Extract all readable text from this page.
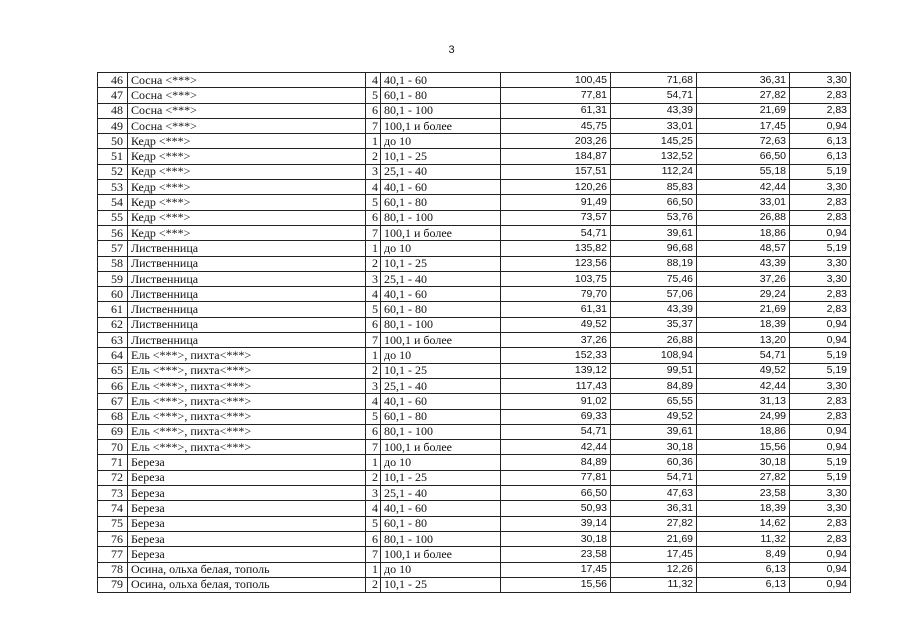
3
46	Сосна <***>	4	40,1 - 60	100,45	71,68	36,31	3,30
47	Сосна <***>	5	60,1 - 80	77,81	54,71	27,82	2,83
48	Сосна <***>	6	80,1 - 100	61,31	43,39	21,69	2,83
49	Сосна <***>	7	100,1 и более	45,75	33,01	17,45	0,94
50	Кедр <***>	1	до 10	203,26	145,25	72,63	6,13
51	Кедр <***>	2	10,1 - 25	184,87	132,52	66,50	6,13
52	Кедр <***>	3	25,1 - 40	157,51	112,24	55,18	5,19
53	Кедр <***>	4	40,1 - 60	120,26	85,83	42,44	3,30
54	Кедр <***>	5	60,1 - 80	91,49	66,50	33,01	2,83
55	Кедр <***>	6	80,1 - 100	73,57	53,76	26,88	2,83
56	Кедр <***>	7	100,1 и более	54,71	39,61	18,86	0,94
57	Лиственница	1	до 10	135,82	96,68	48,57	5,19
58	Лиственница	2	10,1 - 25	123,56	88,19	43,39	3,30
59	Лиственница	3	25,1 - 40	103,75	75,46	37,26	3,30
60	Лиственница	4	40,1 - 60	79,70	57,06	29,24	2,83
61	Лиственница	5	60,1 - 80	61,31	43,39	21,69	2,83
62	Лиственница	6	80,1 - 100	49,52	35,37	18,39	0,94
63	Лиственница	7	100,1 и более	37,26	26,88	13,20	0,94
64	Ель <***>, пихта<***>	1	до 10	152,33	108,94	54,71	5,19
65	Ель <***>, пихта<***>	2	10,1 - 25	139,12	99,51	49,52	5,19
66	Ель <***>, пихта<***>	3	25,1 - 40	117,43	84,89	42,44	3,30
67	Ель <***>, пихта<***>	4	40,1 - 60	91,02	65,55	31,13	2,83
68	Ель <***>, пихта<***>	5	60,1 - 80	69,33	49,52	24,99	2,83
69	Ель <***>, пихта<***>	6	80,1 - 100	54,71	39,61	18,86	0,94
70	Ель <***>, пихта<***>	7	100,1 и более	42,44	30,18	15,56	0,94
71	Береза	1	до 10	84,89	60,36	30,18	5,19
72	Береза	2	10,1 - 25	77,81	54,71	27,82	5,19
73	Береза	3	25,1 - 40	66,50	47,63	23,58	3,30
74	Береза	4	40,1 - 60	50,93	36,31	18,39	3,30
75	Береза	5	60,1 - 80	39,14	27,82	14,62	2,83
76	Береза	6	80,1 - 100	30,18	21,69	11,32	2,83
77	Береза	7	100,1 и более	23,58	17,45	8,49	0,94
78	Осина, ольха белая, тополь	1	до 10	17,45	12,26	6,13	0,94
79	Осина, ольха белая, тополь	2	10,1 - 25	15,56	11,32	6,13	0,94
